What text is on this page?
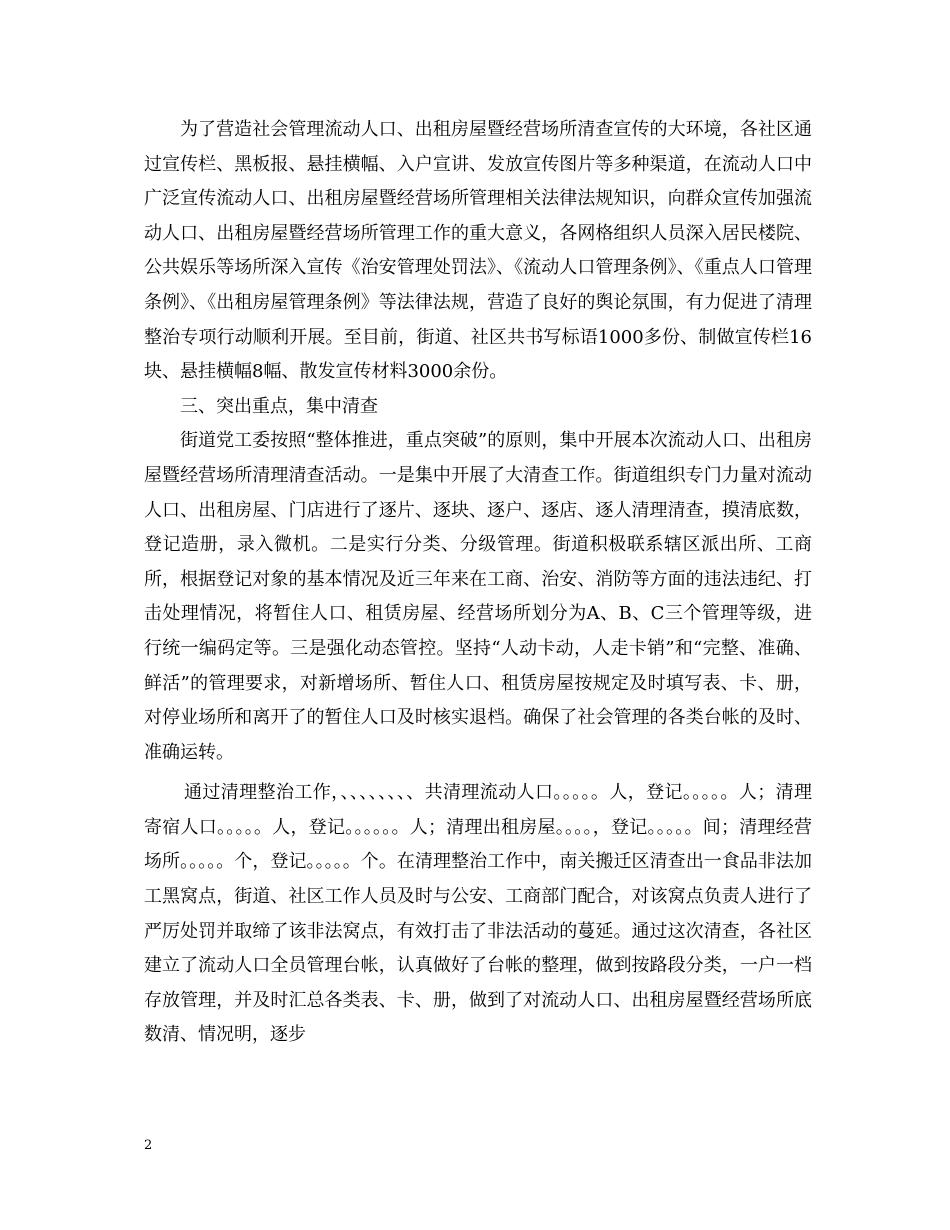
为了营造社会管理流动人口、出租房屋暨经营场所清查宣传的大环境，各社区通过宣传栏、黑板报、悬挂横幅、入户宣讲、发放宣传图片等多种渠道，在流动人口中广泛宣传流动人口、出租房屋暨经营场所管理相关法律法规知识，向群众宣传加强流动人口、出租房屋暨经营场所管理工作的重大意义，各网格组织人员深入居民楼院、公共娱乐等场所深入宣传《治安管理处罚法》、《流动人口管理条例》、《重点人口管理条例》、《出租房屋管理条例》等法律法规，营造了良好的舆论氛围，有力促进了清理整治专项行动顺利开展。至目前，街道、社区共书写标语1000多份、制做宣传栏16块、悬挂横幅8幅、散发宣传材料3000余份。

三、突出重点，集中清查

街道党工委按照“整体推进，重点突破”的原则，集中开展本次流动人口、出租房屋暨经营场所清理清查活动。一是集中开展了大清查工作。街道组织专门力量对流动人口、出租房屋、门店进行了逐片、逐块、逐户、逐店、逐人清理清查，摸清底数，登记造册，录入微机。二是实行分类、分级管理。街道积极联系辖区派出所、工商所，根据登记对象的基本情况及近三年来在工商、治安、消防等方面的违法违纪、打击处理情况，将暂住人口、租赁房屋、经营场所划分为A、B、C三个管理等级，进行统一编码定等。三是强化动态管控。坚持“人动卡动，人走卡销”和“完整、准确、鲜活”的管理要求，对新增场所、暂住人口、租赁房屋按规定及时填写表、卡、册，对停业场所和离开了的暂住人口及时核实退档。确保了社会管理的各类台帐的及时、准确运转。

通过清理整治工作，、、、、、、、、共清理流动人口。。。。。人，登记。。。。。人；清理寄宿人口。。。。。人，登记。。。。。。人；清理出租房屋。。。。，登记。。。。。间；清理经营场所。。。。。个，登记。。。。。个。在清理整治工作中，南关搬迁区清查出一食品非法加工黑窝点，街道、社区工作人员及时与公安、工商部门配合，对该窝点负责人进行了严厉处罚并取缔了该非法窝点，有效打击了非法活动的蔓延。通过这次清查，各社区建立了流动人口全员管理台帐，认真做好了台帐的整理，做到按路段分类，一户一档存放管理，并及时汇总各类表、卡、册，做到了对流动人口、出租房屋暨经营场所底数清、情况明，逐步

2
